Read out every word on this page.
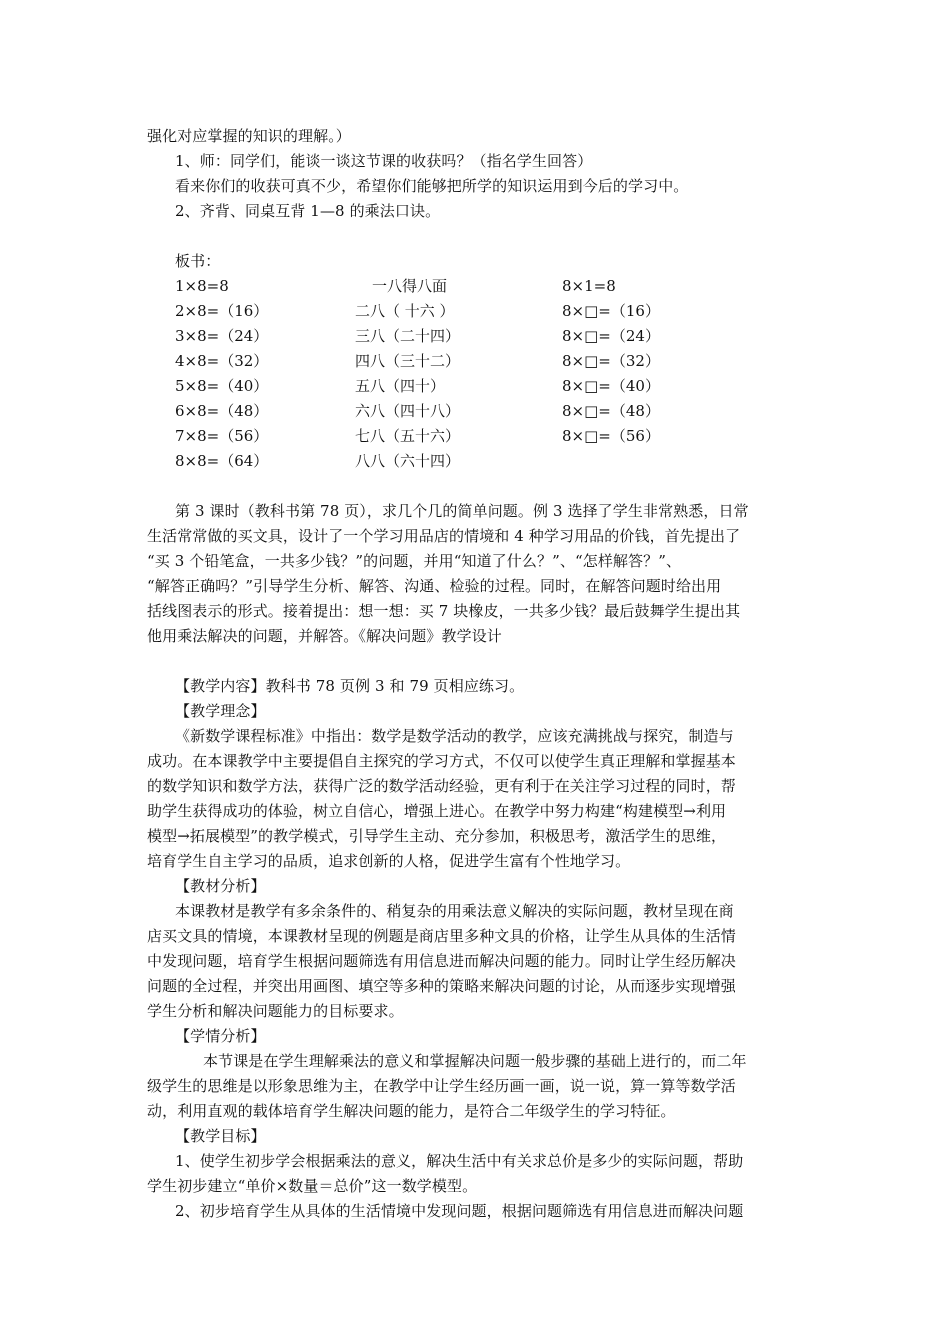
强化对应掌握的知识的理解。）
1、师：同学们，能谈一谈这节课的收获吗？（指名学生回答）
看来你们的收获可真不少，希望你们能够把所学的知识运用到今后的学习中。
2、齐背、同桌互背 1—8 的乘法口诀。
板书：
1×8=8	一八得八面	8×1=8
2×8=（16）	二八（ 十六 ）	8×□=（16）
3×8=（24）	三八（二十四）	8×□=（24）
4×8=（32）	四八（三十二）	8×□=（32）
5×8=（40）	五八（四十）	8×□=（40）
6×8=（48）	六八（四十八）	8×□=（48）
7×8=（56）	七八（五十六）	8×□=（56）
8×8=（64）	八八（六十四）
第 3 课时（教科书第 78 页），求几个几的简单问题。例 3 选择了学生非常熟悉，日常
生活常常做的买文具，设计了一个学习用品店的情境和 4 种学习用品的价钱，首先提出了
“买 3 个铅笔盒，一共多少钱？”的问题，并用“知道了什么？”、“怎样解答？”、
“解答正确吗？”引导学生分析、解答、沟通、检验的过程。同时，在解答问题时给出用
括线图表示的形式。接着提出：想一想：买 7 块橡皮，一共多少钱？最后鼓舞学生提出其
他用乘法解决的问题，并解答。《解决问题》教学设计
【教学内容】教科书 78 页例 3 和 79 页相应练习。
【教学理念】
《新数学课程标准》中指出：数学是数学活动的教学，应该充满挑战与探究，制造与
成功。在本课教学中主要提倡自主探究的学习方式，不仅可以使学生真正理解和掌握基本
的数学知识和数学方法，获得广泛的数学活动经验，更有利于在关注学习过程的同时，帮
助学生获得成功的体验，树立自信心，增强上进心。在教学中努力构建“构建模型→利用
模型→拓展模型”的教学模式，引导学生主动、充分参加，积极思考，激活学生的思维，
培育学生自主学习的品质，追求创新的人格，促进学生富有个性地学习。
【教材分析】
本课教材是教学有多余条件的、稍复杂的用乘法意义解决的实际问题，教材呈现在商
店买文具的情境，本课教材呈现的例题是商店里多种文具的价格，让学生从具体的生活情
中发现问题，培育学生根据问题筛选有用信息进而解决问题的能力。同时让学生经历解决
问题的全过程，并突出用画图、填空等多种的策略来解决问题的讨论，从而逐步实现增强
学生分析和解决问题能力的目标要求。
【学情分析】
本节课是在学生理解乘法的意义和掌握解决问题一般步骤的基础上进行的，而二年
级学生的思维是以形象思维为主，在教学中让学生经历画一画，说一说，算一算等数学活
动，利用直观的载体培育学生解决问题的能力，是符合二年级学生的学习特征。
【教学目标】
1、使学生初步学会根据乘法的意义，解决生活中有关求总价是多少的实际问题，帮助
学生初步建立“单价×数量＝总价”这一数学模型。
2、初步培育学生从具体的生活情境中发现问题，根据问题筛选有用信息进而解决问题
